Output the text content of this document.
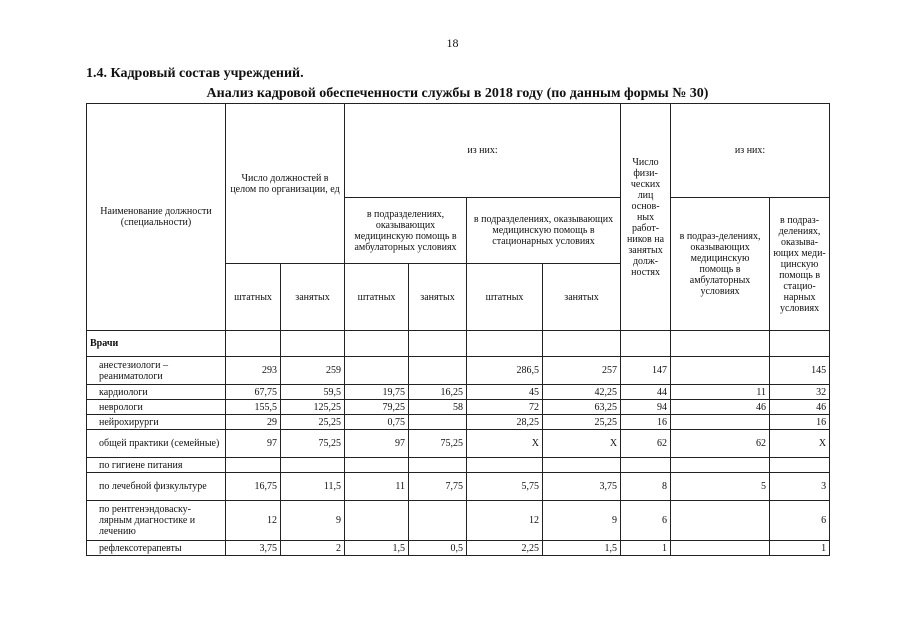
18
1.4. Кадровый состав учреждений.
Анализ кадровой обеспеченности службы в 2018 году (по данным формы № 30)
Наименование должности (специальности)	Число должностей в целом по организации, ед		из них:				Число физи-ческих лиц основ-ных работ-ников на занятых долж-ностях	из них:	
			в подразделениях, оказывающих медицинскую помощь в амбулаторных условиях		в подразделениях, оказывающих медицинскую помощь в стационарных условиях			в подраз-делениях, оказывающих медицинскую помощь в амбулаторных условиях	в подраз-делениях, оказыва-ющих меди-цинскую помощь в стацио-нарных условиях
	штатных	занятых	штатных	занятых	штатных	занятых			
Врачи									
анестезиологи – реаниматологи	293	259			286,5	257	147		145
кардиологи	67,75	59,5	19,75	16,25	45	42,25	44	11	32
неврологи	155,5	125,25	79,25	58	72	63,25	94	46	46
нейрохирурги	29	25,25	0,75		28,25	25,25	16		16
общей практики (семейные)	97	75,25	97	75,25	X	X	62	62	X
по гигиене питания									
по лечебной физкультуре	16,75	11,5	11	7,75	5,75	3,75	8	5	3
по рентгенэндоваску-лярным диагностике и лечению	12	9			12	9	6		6
рефлексотерапевты	3,75	2	1,5	0,5	2,25	1,5	1		1
